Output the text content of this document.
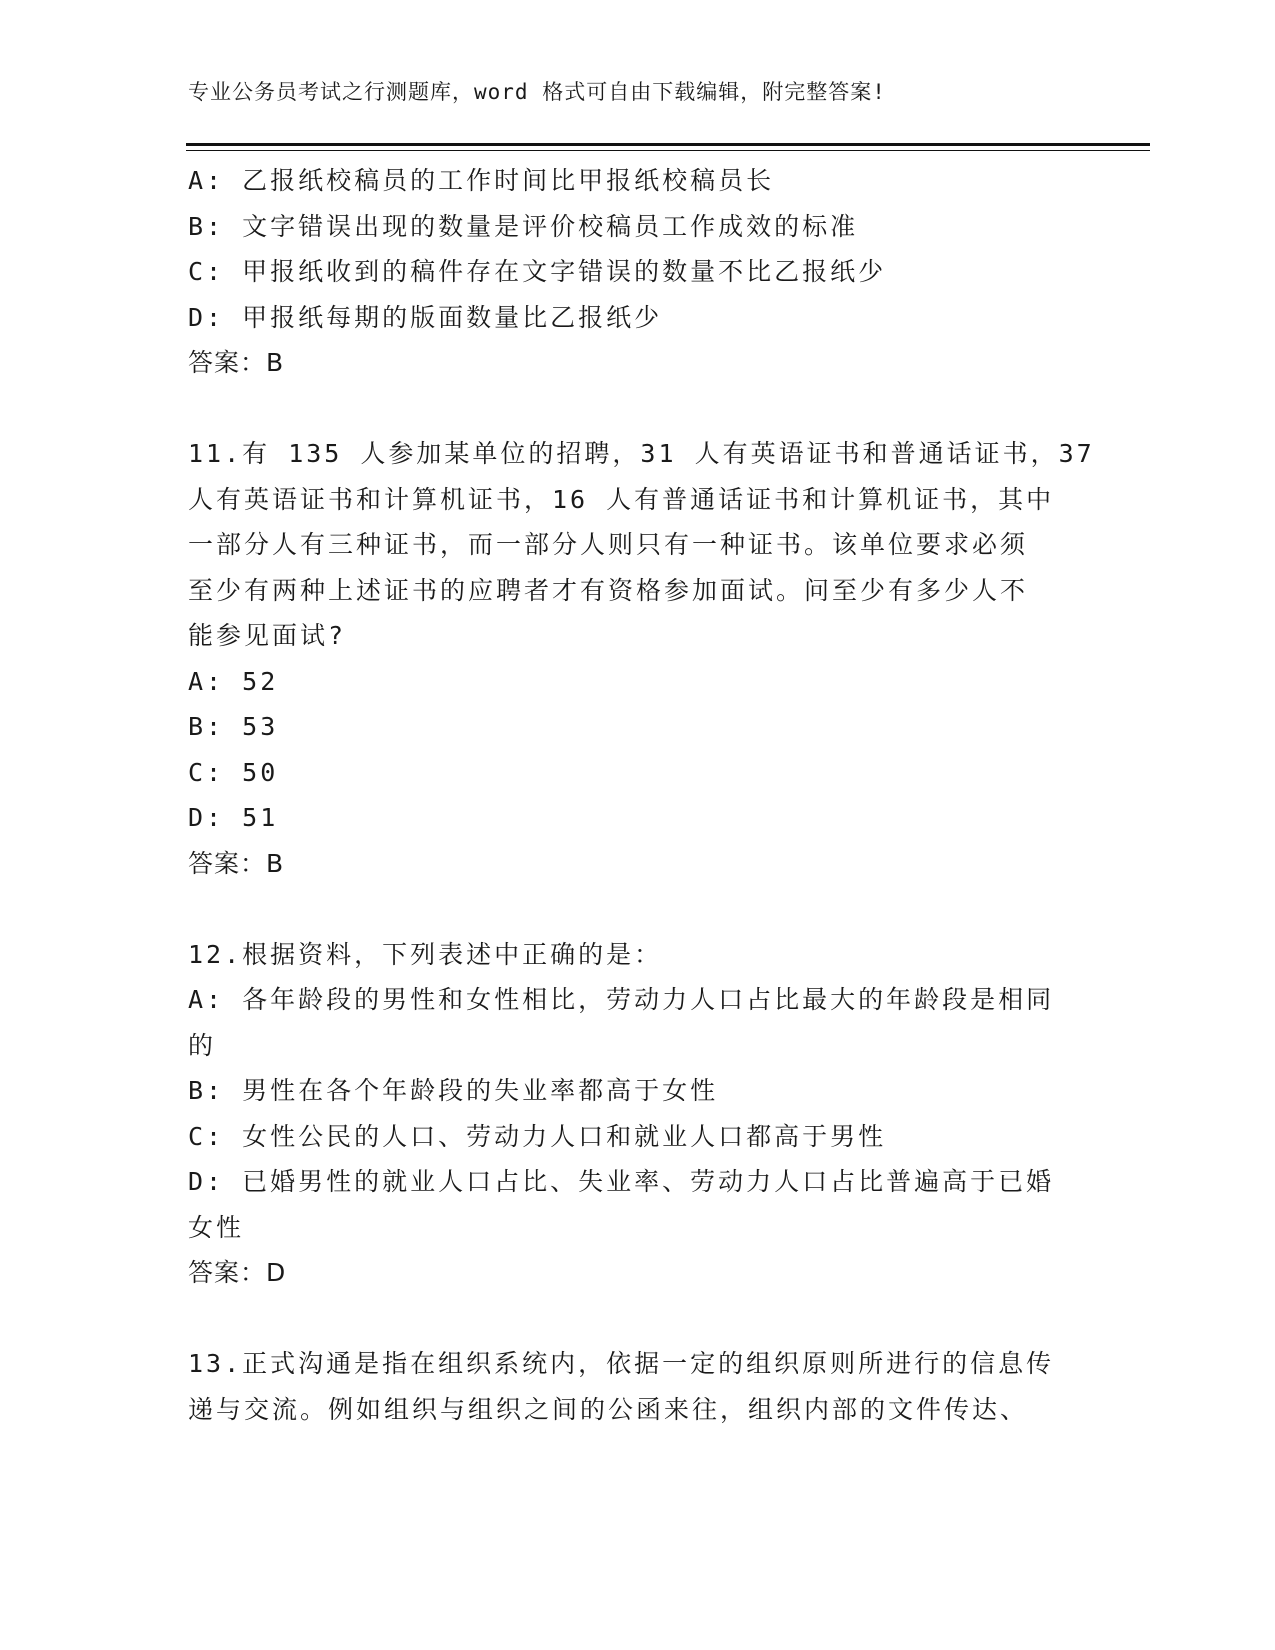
专业公务员考试之行测题库，word 格式可自由下载编辑，附完整答案!
A: 乙报纸校稿员的工作时间比甲报纸校稿员长
B: 文字错误出现的数量是评价校稿员工作成效的标准
C: 甲报纸收到的稿件存在文字错误的数量不比乙报纸少
D: 甲报纸每期的版面数量比乙报纸少
答案：B
11.有 135 人参加某单位的招聘，31 人有英语证书和普通话证书，37
人有英语证书和计算机证书，16 人有普通话证书和计算机证书，其中
一部分人有三种证书，而一部分人则只有一种证书。该单位要求必须
至少有两种上述证书的应聘者才有资格参加面试。问至少有多少人不
能参见面试?
A: 52
B: 53
C: 50
D: 51
答案：B
12.根据资料，下列表述中正确的是：
A: 各年龄段的男性和女性相比，劳动力人口占比最大的年龄段是相同
的
B: 男性在各个年龄段的失业率都高于女性
C: 女性公民的人口、劳动力人口和就业人口都高于男性
D: 已婚男性的就业人口占比、失业率、劳动力人口占比普遍高于已婚
女性
答案：D
13.正式沟通是指在组织系统内，依据一定的组织原则所进行的信息传
递与交流。例如组织与组织之间的公函来往，组织内部的文件传达、
